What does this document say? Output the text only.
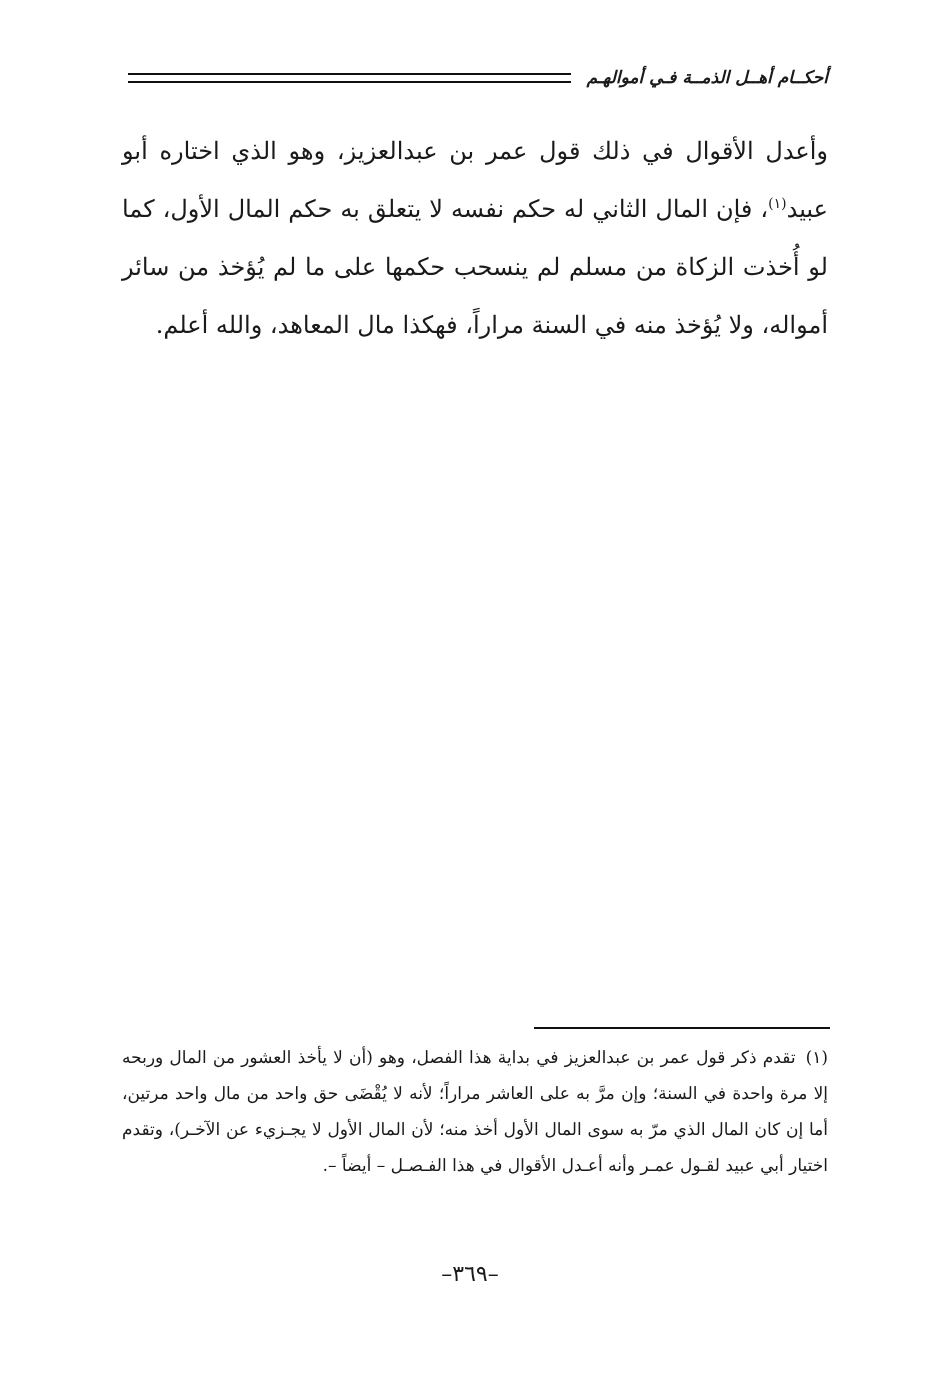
أحكــام أهــل الذمــة فـي أموالهـم

وأعدل الأقوال في ذلك قول عمر بن عبدالعزيز، وهو الذي اختاره أبو عبيد$^{(١)}$، فإن المال الثاني له حكم نفسه لا يتعلق به حكم المال الأول، كما لو أُخذت الزكاة من مسلم لم ينسحب حكمها على ما لم يُؤخذ من سائر أمواله، ولا يُؤخذ منه في السنة مراراً، فهكذا مال المعاهد، والله أعلم.

(١)تقدم ذكر قول عمر بن عبدالعزيز في بداية هذا الفصل، وهو (أن لا يأخذ العشور من المال وربحه إلا مرة واحدة في السنة؛ وإن مرَّ به على العاشر مراراً؛ لأنه لا يُقْضَى حق واحد من مال واحد مرتين، أما إن كان المال الذي مرّ به سوى المال الأول أخذ منه؛ لأن المال الأول لا يجـزيء عن الآخـر)، وتقدم اختيار أبي عبيد لقـول عمـر وأنه أعـدل الأقوال في هذا الفـصـل – أيضاً –.

–٣٦٩–
